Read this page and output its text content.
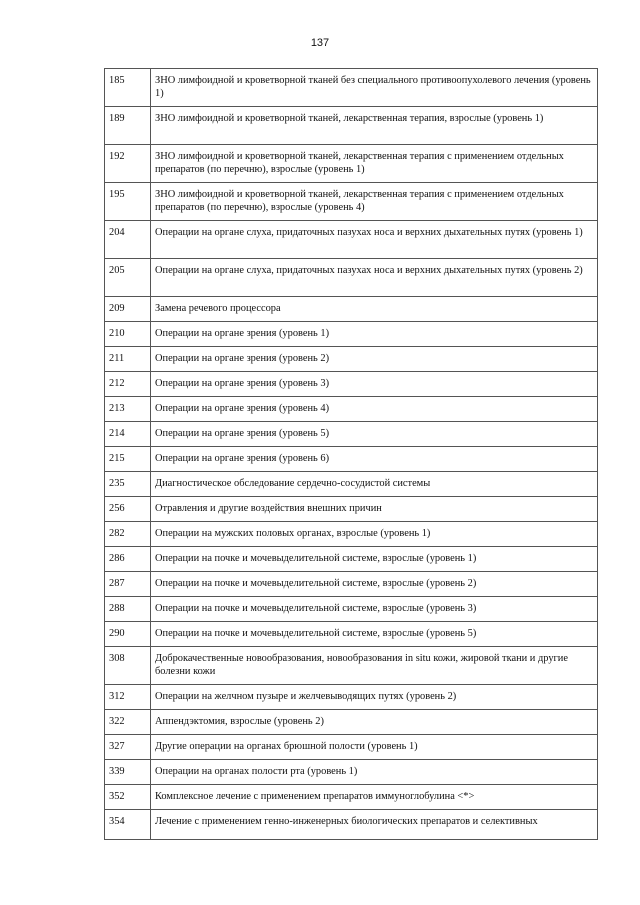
137
185	ЗНО лимфоидной и кроветворной тканей без специального противоопухолевого лечения (уровень 1)
189	ЗНО лимфоидной и кроветворной тканей, лекарственная терапия, взрослые (уровень 1)
192	ЗНО лимфоидной и кроветворной тканей, лекарственная терапия с применением отдельных препаратов (по перечню), взрослые (уровень 1)
195	ЗНО лимфоидной и кроветворной тканей, лекарственная терапия с применением отдельных препаратов (по перечню), взрослые (уровень 4)
204	Операции на органе слуха, придаточных пазухах носа и верхних дыхательных путях (уровень 1)
205	Операции на органе слуха, придаточных пазухах носа и верхних дыхательных путях (уровень 2)
209	Замена речевого процессора
210	Операции на органе зрения (уровень 1)
211	Операции на органе зрения (уровень 2)
212	Операции на органе зрения (уровень 3)
213	Операции на органе зрения (уровень 4)
214	Операции на органе зрения (уровень 5)
215	Операции на органе зрения (уровень 6)
235	Диагностическое обследование сердечно-сосудистой системы
256	Отравления и другие воздействия внешних причин
282	Операции на мужских половых органах, взрослые (уровень 1)
286	Операции на почке и мочевыделительной системе, взрослые (уровень 1)
287	Операции на почке и мочевыделительной системе, взрослые (уровень 2)
288	Операции на почке и мочевыделительной системе, взрослые (уровень 3)
290	Операции на почке и мочевыделительной системе, взрослые (уровень 5)
308	Доброкачественные новообразования, новообразования in situ кожи, жировой ткани и другие болезни кожи
312	Операции на желчном пузыре и желчевыводящих путях (уровень 2)
322	Аппендэктомия, взрослые (уровень 2)
327	Другие операции на органах брюшной полости (уровень 1)
339	Операции на органах полости рта (уровень 1)
352	Комплексное лечение с применением препаратов иммуноглобулина <*>
354	Лечение с применением генно-инженерных биологических препаратов и селективных
